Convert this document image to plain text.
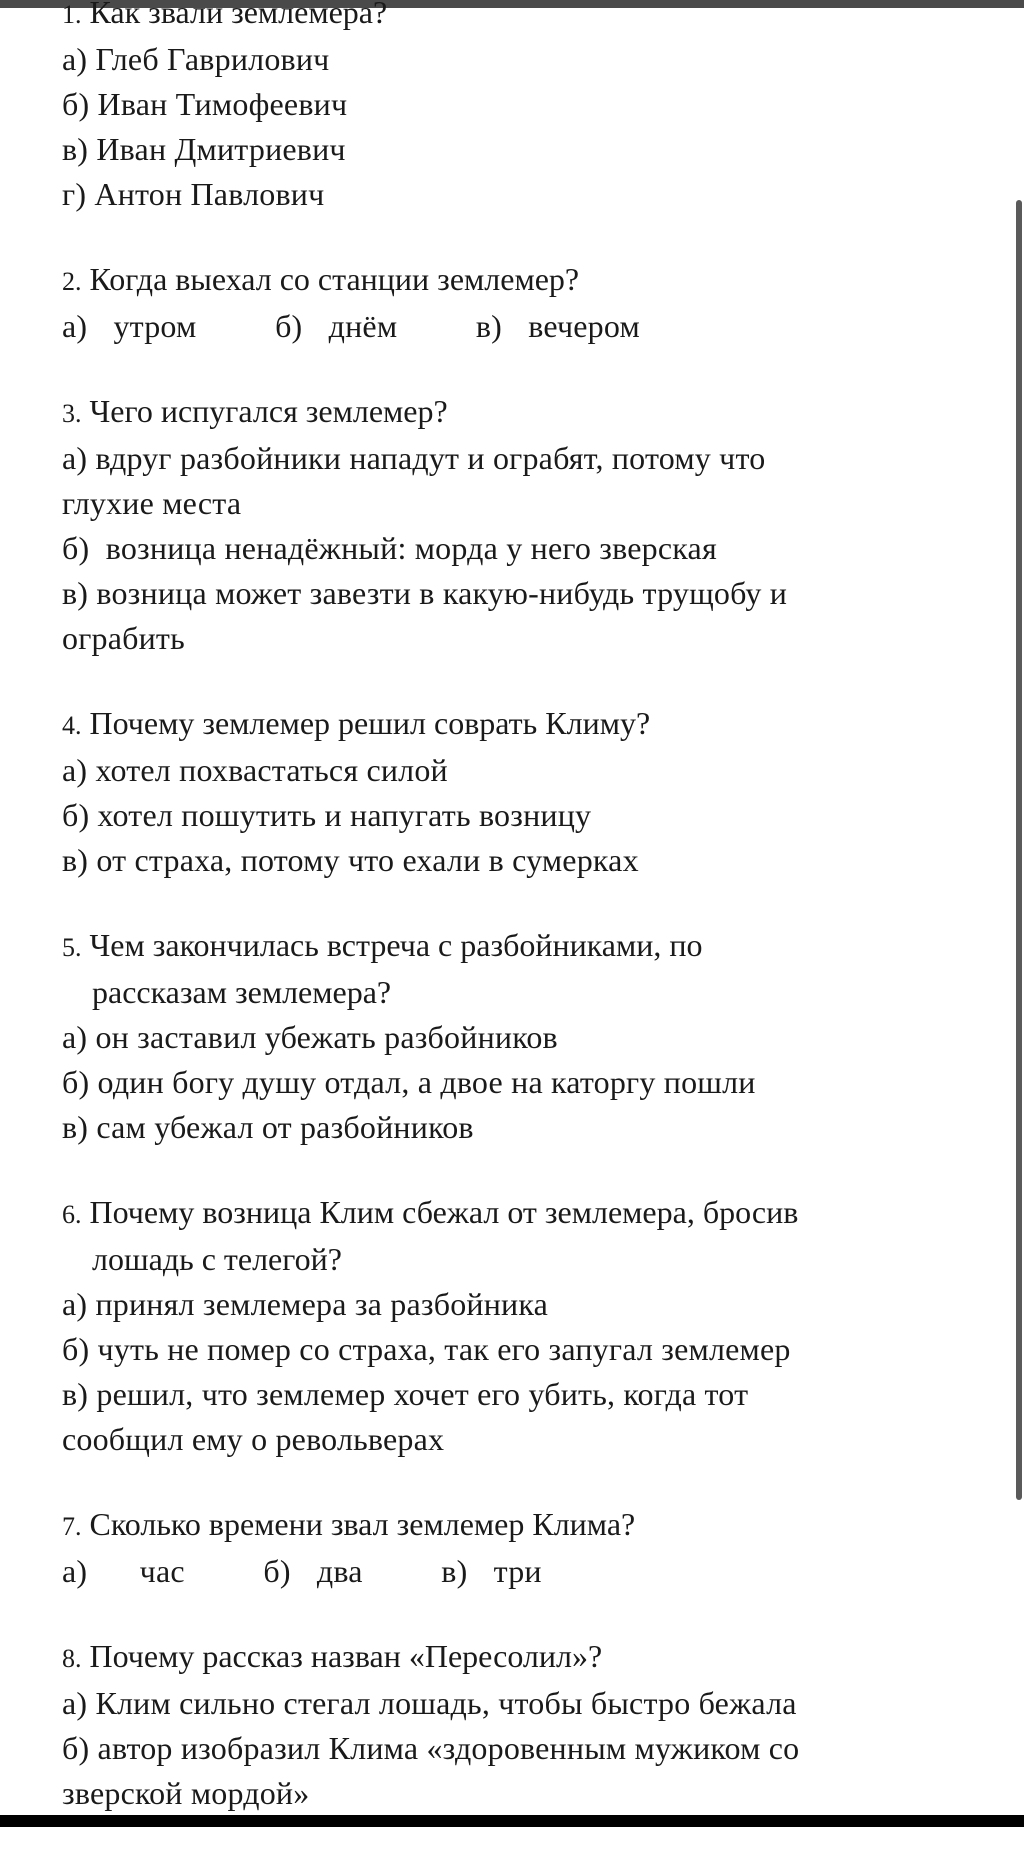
1. Как звали землемера?
а) Глеб Гаврилович
б) Иван Тимофеевич
в) Иван Дмитриевич
г) Антон Павлович
2. Когда выехал со станции землемер?
а) утром   б) днём   в) вечером
3. Чего испугался землемер?
а) вдруг разбойники нападут и ограбят, потому что
глухие места
б)  возница ненадёжный: морда у него зверская
в) возница может завезти в какую-нибудь трущобу и
ограбить
4. Почему землемер решил соврать Климу?
а) хотел похвастаться силой
б) хотел пошутить и напугать возницу
в) от страха, потому что ехали в сумерках
5. Чем закончилась встреча с разбойниками, по
рассказам землемера?
а) он заставил убежать разбойников
б) один богу душу отдал, а двое на каторгу пошли
в) сам убежал от разбойников
6. Почему возница Клим сбежал от землемера, бросив
лошадь с телегой?
а) принял землемера за разбойника
б) чуть не помер со страха, так его запугал землемер
в) решил, что землемер хочет его убить, когда тот
сообщил ему о револьверах
7. Сколько времени звал землемер Клима?
а)  час   б) два   в) три
8. Почему рассказ назван «Пересолил»?
а) Клим сильно стегал лошадь, чтобы быстро бежала
б) автор изобразил Клима «здоровенным мужиком со
зверской мордой»
